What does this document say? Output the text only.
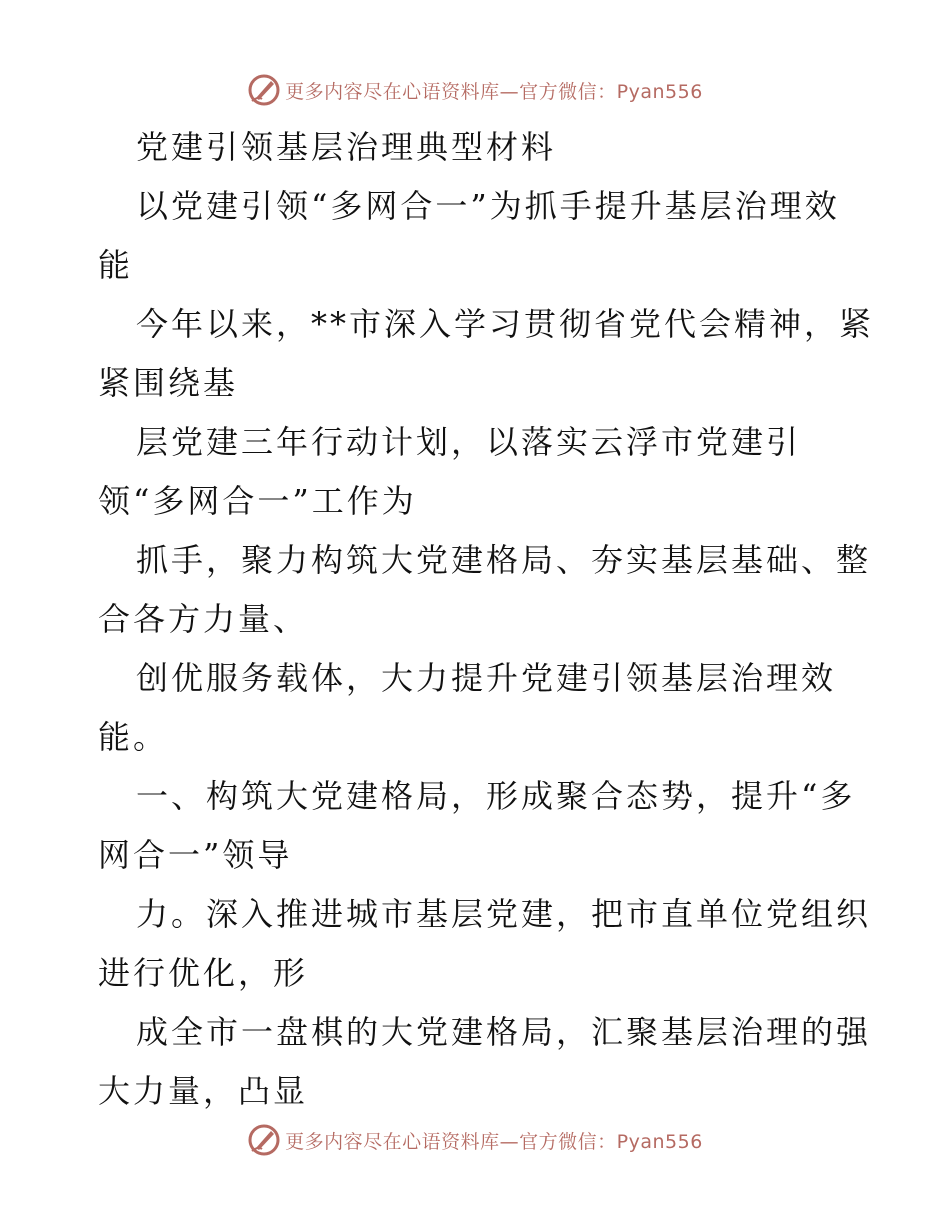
更多内容尽在心语资料库—官方微信：Pyan556
党建引领基层治理典型材料
以党建引领“多网合一”为抓手提升基层治理效
能
今年以来，**市深入学习贯彻省党代会精神，紧
紧围绕基
层党建三年行动计划，以落实云浮市党建引
领“多网合一”工作为
抓手，聚力构筑大党建格局、夯实基层基础、整
合各方力量、
创优服务载体，大力提升党建引领基层治理效
能。
一、构筑大党建格局，形成聚合态势，提升“多
网合一”领导
力。深入推进城市基层党建，把市直单位党组织
进行优化，形
成全市一盘棋的大党建格局，汇聚基层治理的强
大力量，凸显
更多内容尽在心语资料库—官方微信：Pyan556
